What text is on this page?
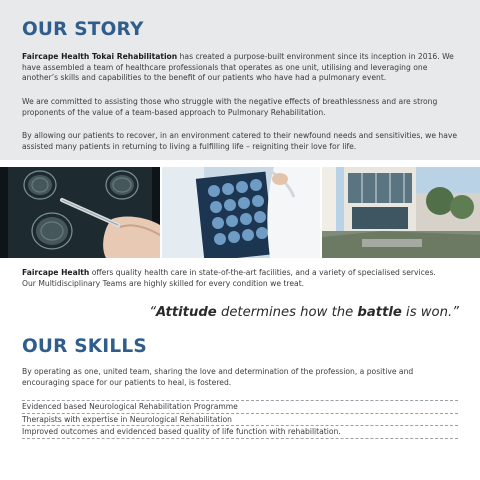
OUR STORY
Faircape Health Tokai Rehabilitation has created a purpose-built environment since its inception in 2016. We have assembled a team of healthcare professionals that operates as one unit, utilising and leveraging one another’s skills and capabilities to the benefit of our patients who have had a pulmonary event.
We are committed to assisting those who struggle with the negative effects of breathlessness and are strong proponents of the value of a team-based approach to Pulmonary Rehabilitation.
By allowing our patients to recover, in an environment catered to their newfound needs and sensitivities, we have assisted many patients in returning to living a fulfilling life – reigniting their love for life.
Faircape Health offers quality health care in state-of-the-art facilities, and a variety of specialised services.
Our Multidisciplinary Teams are highly skilled for every condition we treat.
“Attitude determines how the battle is won.”
OUR SKILLS
By operating as one, united team, sharing the love and determination of the profession, a positive and encouraging space for our patients to heal, is fostered.
Evidenced based Neurological Rehabilitation Programme
Therapists with expertise in Neurological Rehabilitation
Improved outcomes and evidenced based quality of life function with rehabilitation.
